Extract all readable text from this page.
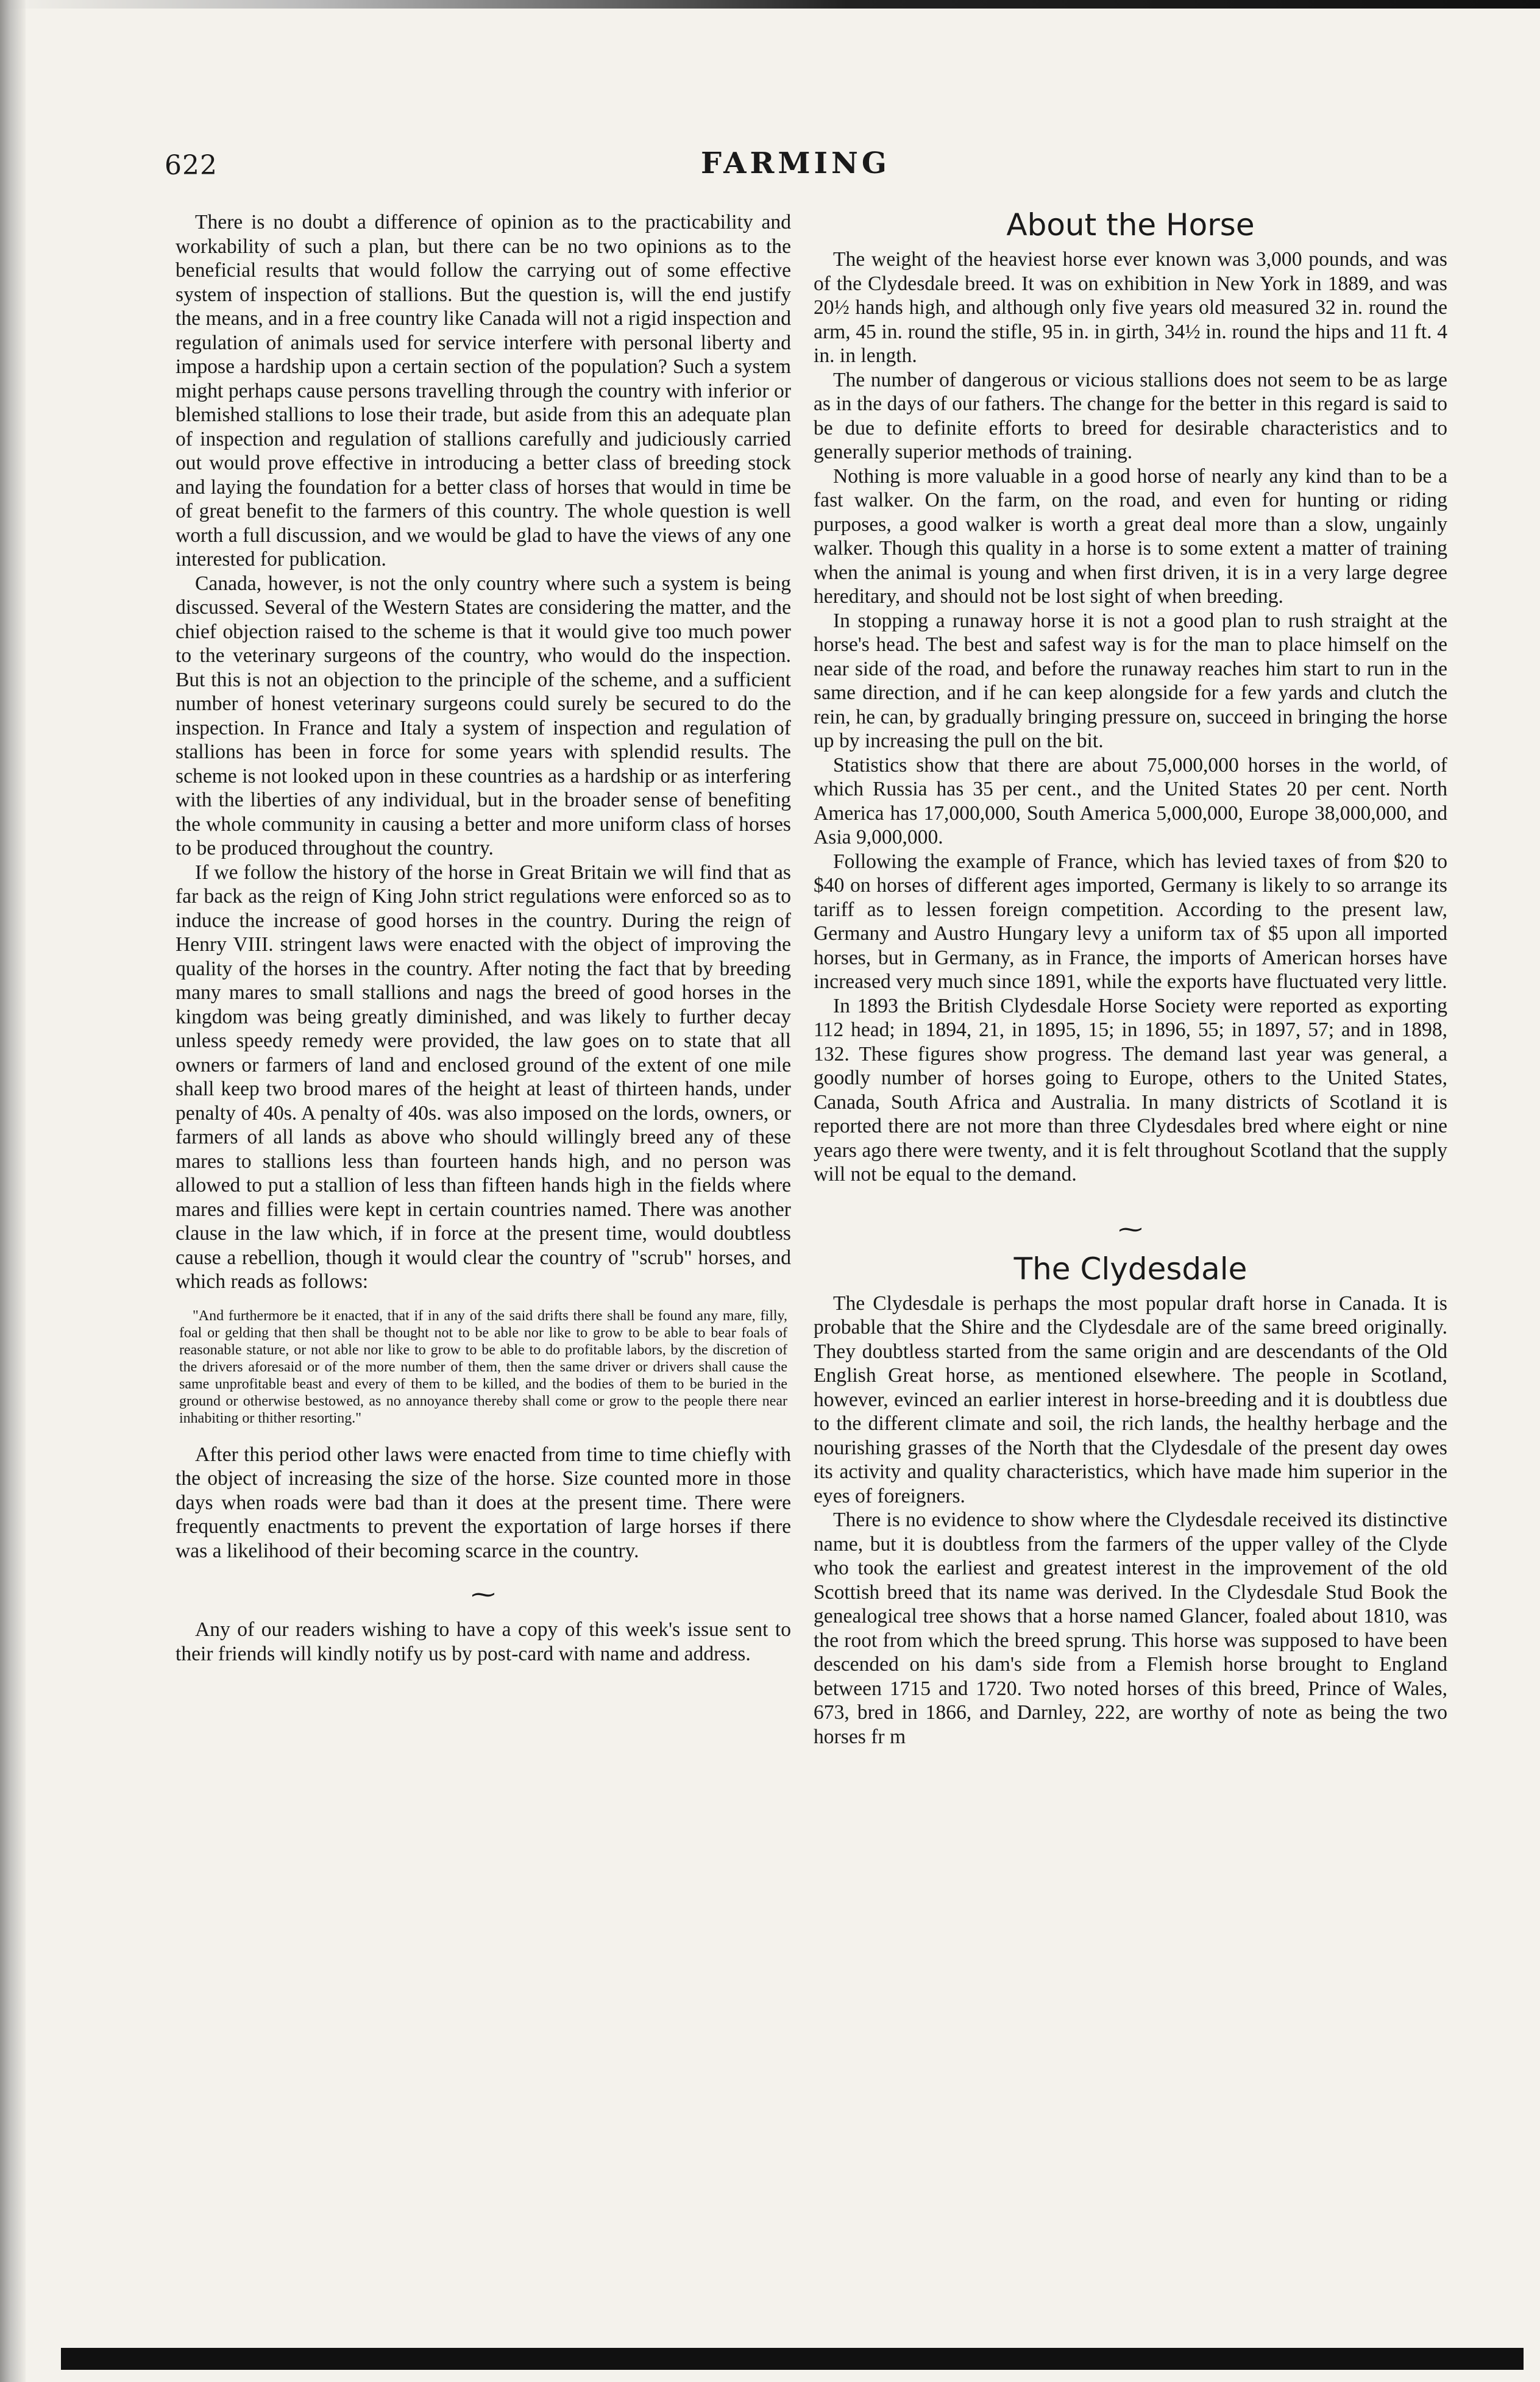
622	FARMING

There is no doubt a difference of opinion as to the practicability and workability of such a plan, but there can be no two opinions as to the beneficial results that would follow the carrying out of some effective system of inspection of stallions. But the question is, will the end justify the means, and in a free country like Canada will not a rigid inspection and regulation of animals used for service interfere with personal liberty and impose a hardship upon a certain section of the population? Such a system might perhaps cause persons travelling through the country with inferior or blemished stallions to lose their trade, but aside from this an adequate plan of inspection and regulation of stallions carefully and judiciously carried out would prove effective in introducing a better class of breeding stock and laying the foundation for a better class of horses that would in time be of great benefit to the farmers of this country. The whole question is well worth a full discussion, and we would be glad to have the views of any one interested for publication.

Canada, however, is not the only country where such a system is being discussed. Several of the Western States are considering the matter, and the chief objection raised to the scheme is that it would give too much power to the veterinary surgeons of the country, who would do the inspection. But this is not an objection to the principle of the scheme, and a sufficient number of honest veterinary surgeons could surely be secured to do the inspection. In France and Italy a system of inspection and regulation of stallions has been in force for some years with splendid results. The scheme is not looked upon in these countries as a hardship or as interfering with the liberties of any individual, but in the broader sense of benefiting the whole community in causing a better and more uniform class of horses to be produced throughout the country.

If we follow the history of the horse in Great Britain we will find that as far back as the reign of King John strict regulations were enforced so as to induce the increase of good horses in the country. During the reign of Henry VIII. stringent laws were enacted with the object of improving the quality of the horses in the country. After noting the fact that by breeding many mares to small stallions and nags the breed of good horses in the kingdom was being greatly diminished, and was likely to further decay unless speedy remedy were provided, the law goes on to state that all owners or farmers of land and enclosed ground of the extent of one mile shall keep two brood mares of the height at least of thirteen hands, under penalty of 40s. A penalty of 40s. was also imposed on the lords, owners, or farmers of all lands as above who should willingly breed any of these mares to stallions less than fourteen hands high, and no person was allowed to put a stallion of less than fifteen hands high in the fields where mares and fillies were kept in certain countries named. There was another clause in the law which, if in force at the present time, would doubtless cause a rebellion, though it would clear the country of "scrub" horses, and which reads as follows:

"And furthermore be it enacted, that if in any of the said drifts there shall be found any mare, filly, foal or gelding that then shall be thought not to be able nor like to grow to be able to bear foals of reasonable stature, or not able nor like to grow to be able to do profitable labors, by the discretion of the drivers aforesaid or of the more number of them, then the same driver or drivers shall cause the same unprofitable beast and every of them to be killed, and the bodies of them to be buried in the ground or otherwise bestowed, as no annoyance thereby shall come or grow to the people there near inhabiting or thither resorting."

After this period other laws were enacted from time to time chiefly with the object of increasing the size of the horse. Size counted more in those days when roads were bad than it does at the present time. There were frequently enactments to prevent the exportation of large horses if there was a likelihood of their becoming scarce in the country.

⁓

Any of our readers wishing to have a copy of this week's issue sent to their friends will kindly notify us by post-card with name and address.

About the Horse

The weight of the heaviest horse ever known was 3,000 pounds, and was of the Clydesdale breed. It was on exhibition in New York in 1889, and was 20½ hands high, and although only five years old measured 32 in. round the arm, 45 in. round the stifle, 95 in. in girth, 34½ in. round the hips and 11 ft. 4 in. in length.

The number of dangerous or vicious stallions does not seem to be as large as in the days of our fathers. The change for the better in this regard is said to be due to definite efforts to breed for desirable characteristics and to generally superior methods of training.

Nothing is more valuable in a good horse of nearly any kind than to be a fast walker. On the farm, on the road, and even for hunting or riding purposes, a good walker is worth a great deal more than a slow, ungainly walker. Though this quality in a horse is to some extent a matter of training when the animal is young and when first driven, it is in a very large degree hereditary, and should not be lost sight of when breeding.

In stopping a runaway horse it is not a good plan to rush straight at the horse's head. The best and safest way is for the man to place himself on the near side of the road, and before the runaway reaches him start to run in the same direction, and if he can keep alongside for a few yards and clutch the rein, he can, by gradually bringing pressure on, succeed in bringing the horse up by increasing the pull on the bit.

Statistics show that there are about 75,000,000 horses in the world, of which Russia has 35 per cent., and the United States 20 per cent. North America has 17,000,000, South America 5,000,000, Europe 38,000,000, and Asia 9,000,000.

Following the example of France, which has levied taxes of from $20 to $40 on horses of different ages imported, Germany is likely to so arrange its tariff as to lessen foreign competition. According to the present law, Germany and Austro Hungary levy a uniform tax of $5 upon all imported horses, but in Germany, as in France, the imports of American horses have increased very much since 1891, while the exports have fluctuated very little.

In 1893 the British Clydesdale Horse Society were reported as exporting 112 head; in 1894, 21, in 1895, 15; in 1896, 55; in 1897, 57; and in 1898, 132. These figures show progress. The demand last year was general, a goodly number of horses going to Europe, others to the United States, Canada, South Africa and Australia. In many districts of Scotland it is reported there are not more than three Clydesdales bred where eight or nine years ago there were twenty, and it is felt throughout Scotland that the supply will not be equal to the demand.

⁓
The Clydesdale

The Clydesdale is perhaps the most popular draft horse in Canada. It is probable that the Shire and the Clydesdale are of the same breed originally. They doubtless started from the same origin and are descendants of the Old English Great horse, as mentioned elsewhere. The people in Scotland, however, evinced an earlier interest in horse-breeding and it is doubtless due to the different climate and soil, the rich lands, the healthy herbage and the nourishing grasses of the North that the Clydesdale of the present day owes its activity and quality characteristics, which have made him superior in the eyes of foreigners.

There is no evidence to show where the Clydesdale received its distinctive name, but it is doubtless from the farmers of the upper valley of the Clyde who took the earliest and greatest interest in the improvement of the old Scottish breed that its name was derived. In the Clydesdale Stud Book the genealogical tree shows that a horse named Glancer, foaled about 1810, was the root from which the breed sprung. This horse was supposed to have been descended on his dam's side from a Flemish horse brought to England between 1715 and 1720. Two noted horses of this breed, Prince of Wales, 673, bred in 1866, and Darnley, 222, are worthy of note as being the two horses fr m
